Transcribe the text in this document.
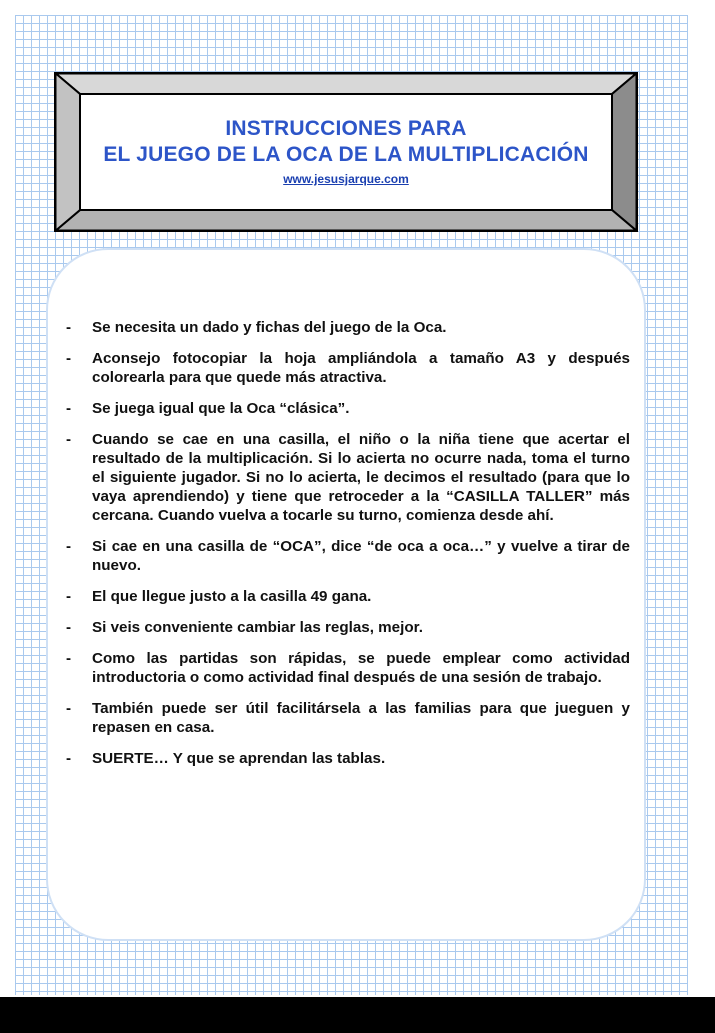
INSTRUCCIONES PARA
EL JUEGO DE LA OCA DE LA MULTIPLICACIÓN
www.jesusjarque.com
-	Se necesita un dado y fichas del juego de la Oca.
-	Aconsejo fotocopiar la hoja ampliándola a tamaño A3 y después colorearla para que quede más atractiva.
-	Se juega igual que la Oca “clásica”.
-	Cuando se cae en una casilla, el niño o la niña tiene que acertar el resultado de la multiplicación. Si lo acierta no ocurre nada, toma el turno el siguiente jugador. Si no lo acierta, le decimos el resultado (para que lo vaya aprendiendo) y tiene que retroceder a la “CASILLA TALLER” más cercana. Cuando vuelva a tocarle su turno, comienza desde ahí.
-	Si cae en una casilla de “OCA”, dice “de oca a oca…” y vuelve a tirar de nuevo.
-	El que llegue justo a la casilla 49 gana.
-	Si veis conveniente cambiar las reglas, mejor.
-	Como las partidas son rápidas, se puede emplear como actividad introductoria o como actividad final después de una sesión de trabajo.
-	También puede ser útil facilitársela a las familias para que jueguen y repasen en casa.
-	SUERTE… Y que se aprendan las tablas.
